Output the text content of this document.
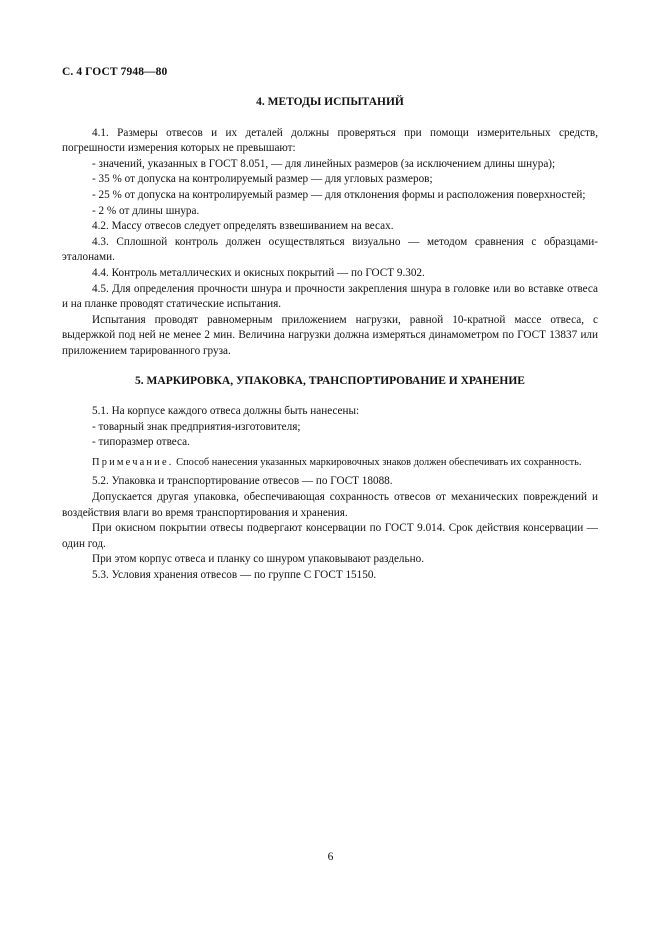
С. 4 ГОСТ 7948—80
4. МЕТОДЫ ИСПЫТАНИЙ

4.1. Размеры отвесов и их деталей должны проверяться при помощи измерительных средств, погрешности измерения которых не превышают:

- значений, указанных в ГОСТ 8.051, — для линейных размеров (за исключением длины шнура);

- 35 % от допуска на контролируемый размер — для угловых размеров;

- 25 % от допуска на контролируемый размер — для отклонения формы и расположения поверхностей;

- 2 % от длины шнура.

4.2. Массу отвесов следует определять взвешиванием на весах.

4.3. Сплошной контроль должен осуществляться визуально — методом сравнения с образцами-эталонами.

4.4. Контроль металлических и окисных покрытий — по ГОСТ 9.302.

4.5. Для определения прочности шнура и прочности закрепления шнура в головке или во вставке отвеса и на планке проводят статические испытания.

Испытания проводят равномерным приложением нагрузки, равной 10-кратной массе отвеса, с выдержкой под ней не менее 2 мин. Величина нагрузки должна измеряться динамометром по ГОСТ 13837 или приложением тарированного груза.

5. МАРКИРОВКА, УПАКОВКА, ТРАНСПОРТИРОВАНИЕ И ХРАНЕНИЕ

5.1. На корпусе каждого отвеса должны быть нанесены:

- товарный знак предприятия-изготовителя;

- типоразмер отвеса.

Примечание. Способ нанесения указанных маркировочных знаков должен обеспечивать их сохранность.

5.2. Упаковка и транспортирование отвесов — по ГОСТ 18088.

Допускается другая упаковка, обеспечивающая сохранность отвесов от механических повреждений и воздействия влаги во время транспортирования и хранения.

При окисном покрытии отвесы подвергают консервации по ГОСТ 9.014. Срок действия консервации — один год.

При этом корпус отвеса и планку со шнуром упаковывают раздельно.

5.3. Условия хранения отвесов — по группе С ГОСТ 15150.

6
